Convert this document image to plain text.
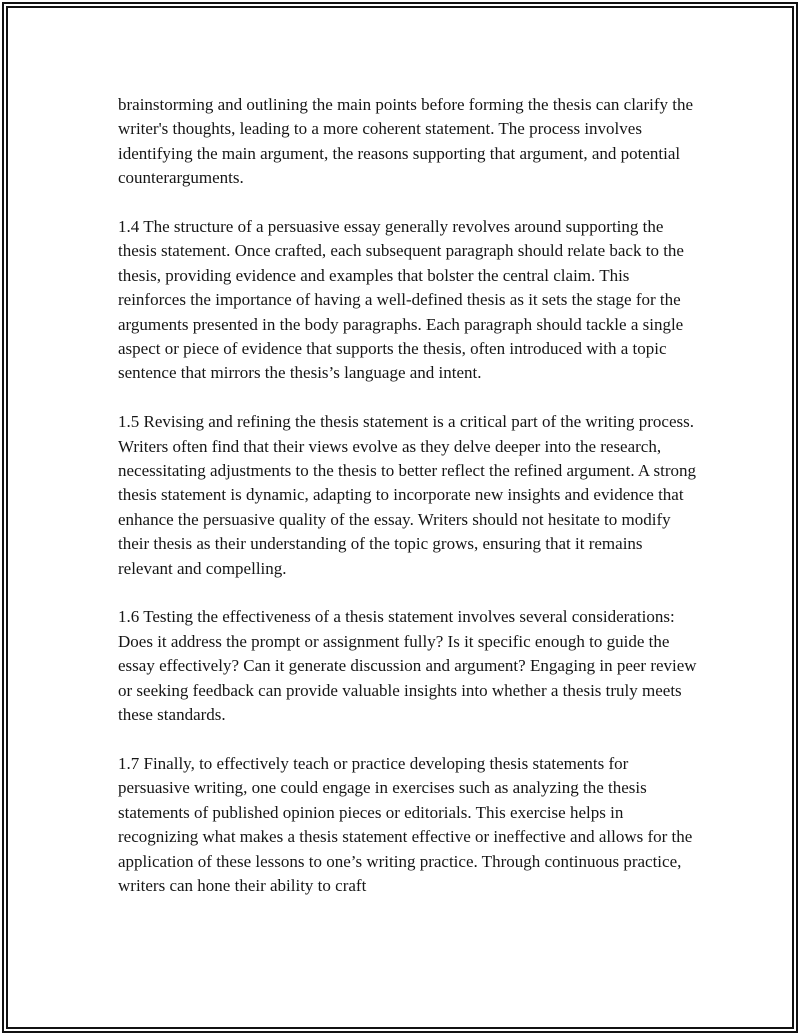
brainstorming and outlining the main points before forming the thesis can clarify the writer's thoughts, leading to a more coherent statement. The process involves identifying the main argument, the reasons supporting that argument, and potential counterarguments.

1.4 The structure of a persuasive essay generally revolves around supporting the thesis statement. Once crafted, each subsequent paragraph should relate back to the thesis, providing evidence and examples that bolster the central claim. This reinforces the importance of having a well-defined thesis as it sets the stage for the arguments presented in the body paragraphs. Each paragraph should tackle a single aspect or piece of evidence that supports the thesis, often introduced with a topic sentence that mirrors the thesis’s language and intent.

1.5 Revising and refining the thesis statement is a critical part of the writing process. Writers often find that their views evolve as they delve deeper into the research, necessitating adjustments to the thesis to better reflect the refined argument. A strong thesis statement is dynamic, adapting to incorporate new insights and evidence that enhance the persuasive quality of the essay. Writers should not hesitate to modify their thesis as their understanding of the topic grows, ensuring that it remains relevant and compelling.

1.6 Testing the effectiveness of a thesis statement involves several considerations: Does it address the prompt or assignment fully? Is it specific enough to guide the essay effectively? Can it generate discussion and argument? Engaging in peer review or seeking feedback can provide valuable insights into whether a thesis truly meets these standards.

1.7 Finally, to effectively teach or practice developing thesis statements for persuasive writing, one could engage in exercises such as analyzing the thesis statements of published opinion pieces or editorials. This exercise helps in recognizing what makes a thesis statement effective or ineffective and allows for the application of these lessons to one’s writing practice. Through continuous practice, writers can hone their ability to craft
